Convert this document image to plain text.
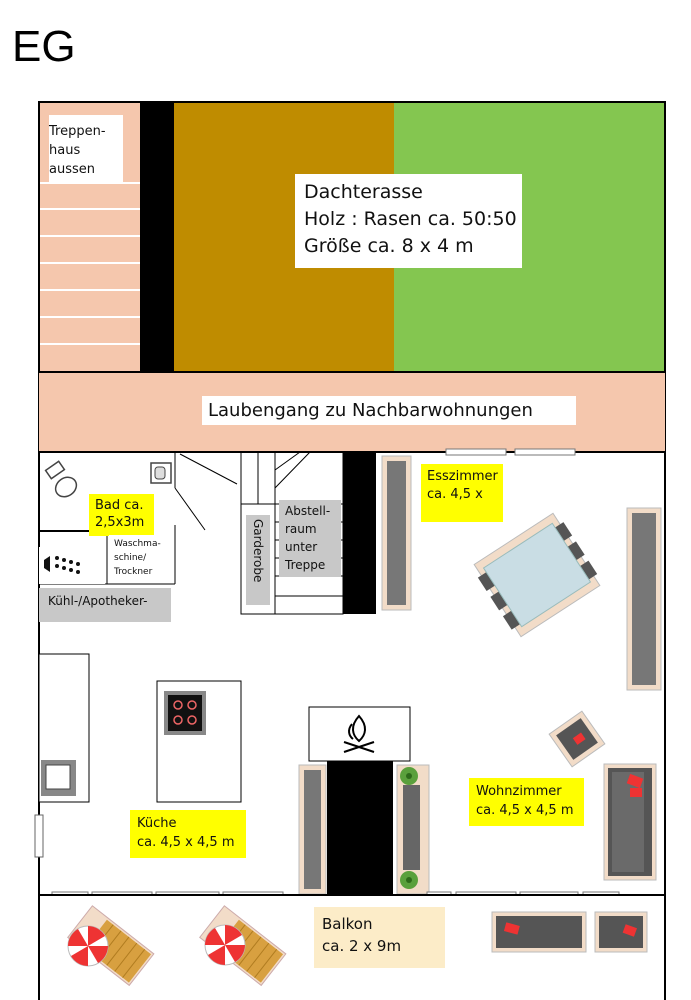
EG
Treppen-
haus
aussen
Dachterasse
Holz : Rasen ca. 50:50
Größe ca. 8 x 4 m
Laubengang zu Nachbarwohnungen
Bad ca.
2,5x3m
Waschma-
schine/
Trockner
Kühl-/Apotheker-
Garderobe
Abstell-
raum
unter
Treppe
Esszimmer
ca. 4,5 x
Wohnzimmer
ca. 4,5 x 4,5 m
Küche
ca. 4,5 x 4,5 m
Balkon
ca. 2 x 9m
